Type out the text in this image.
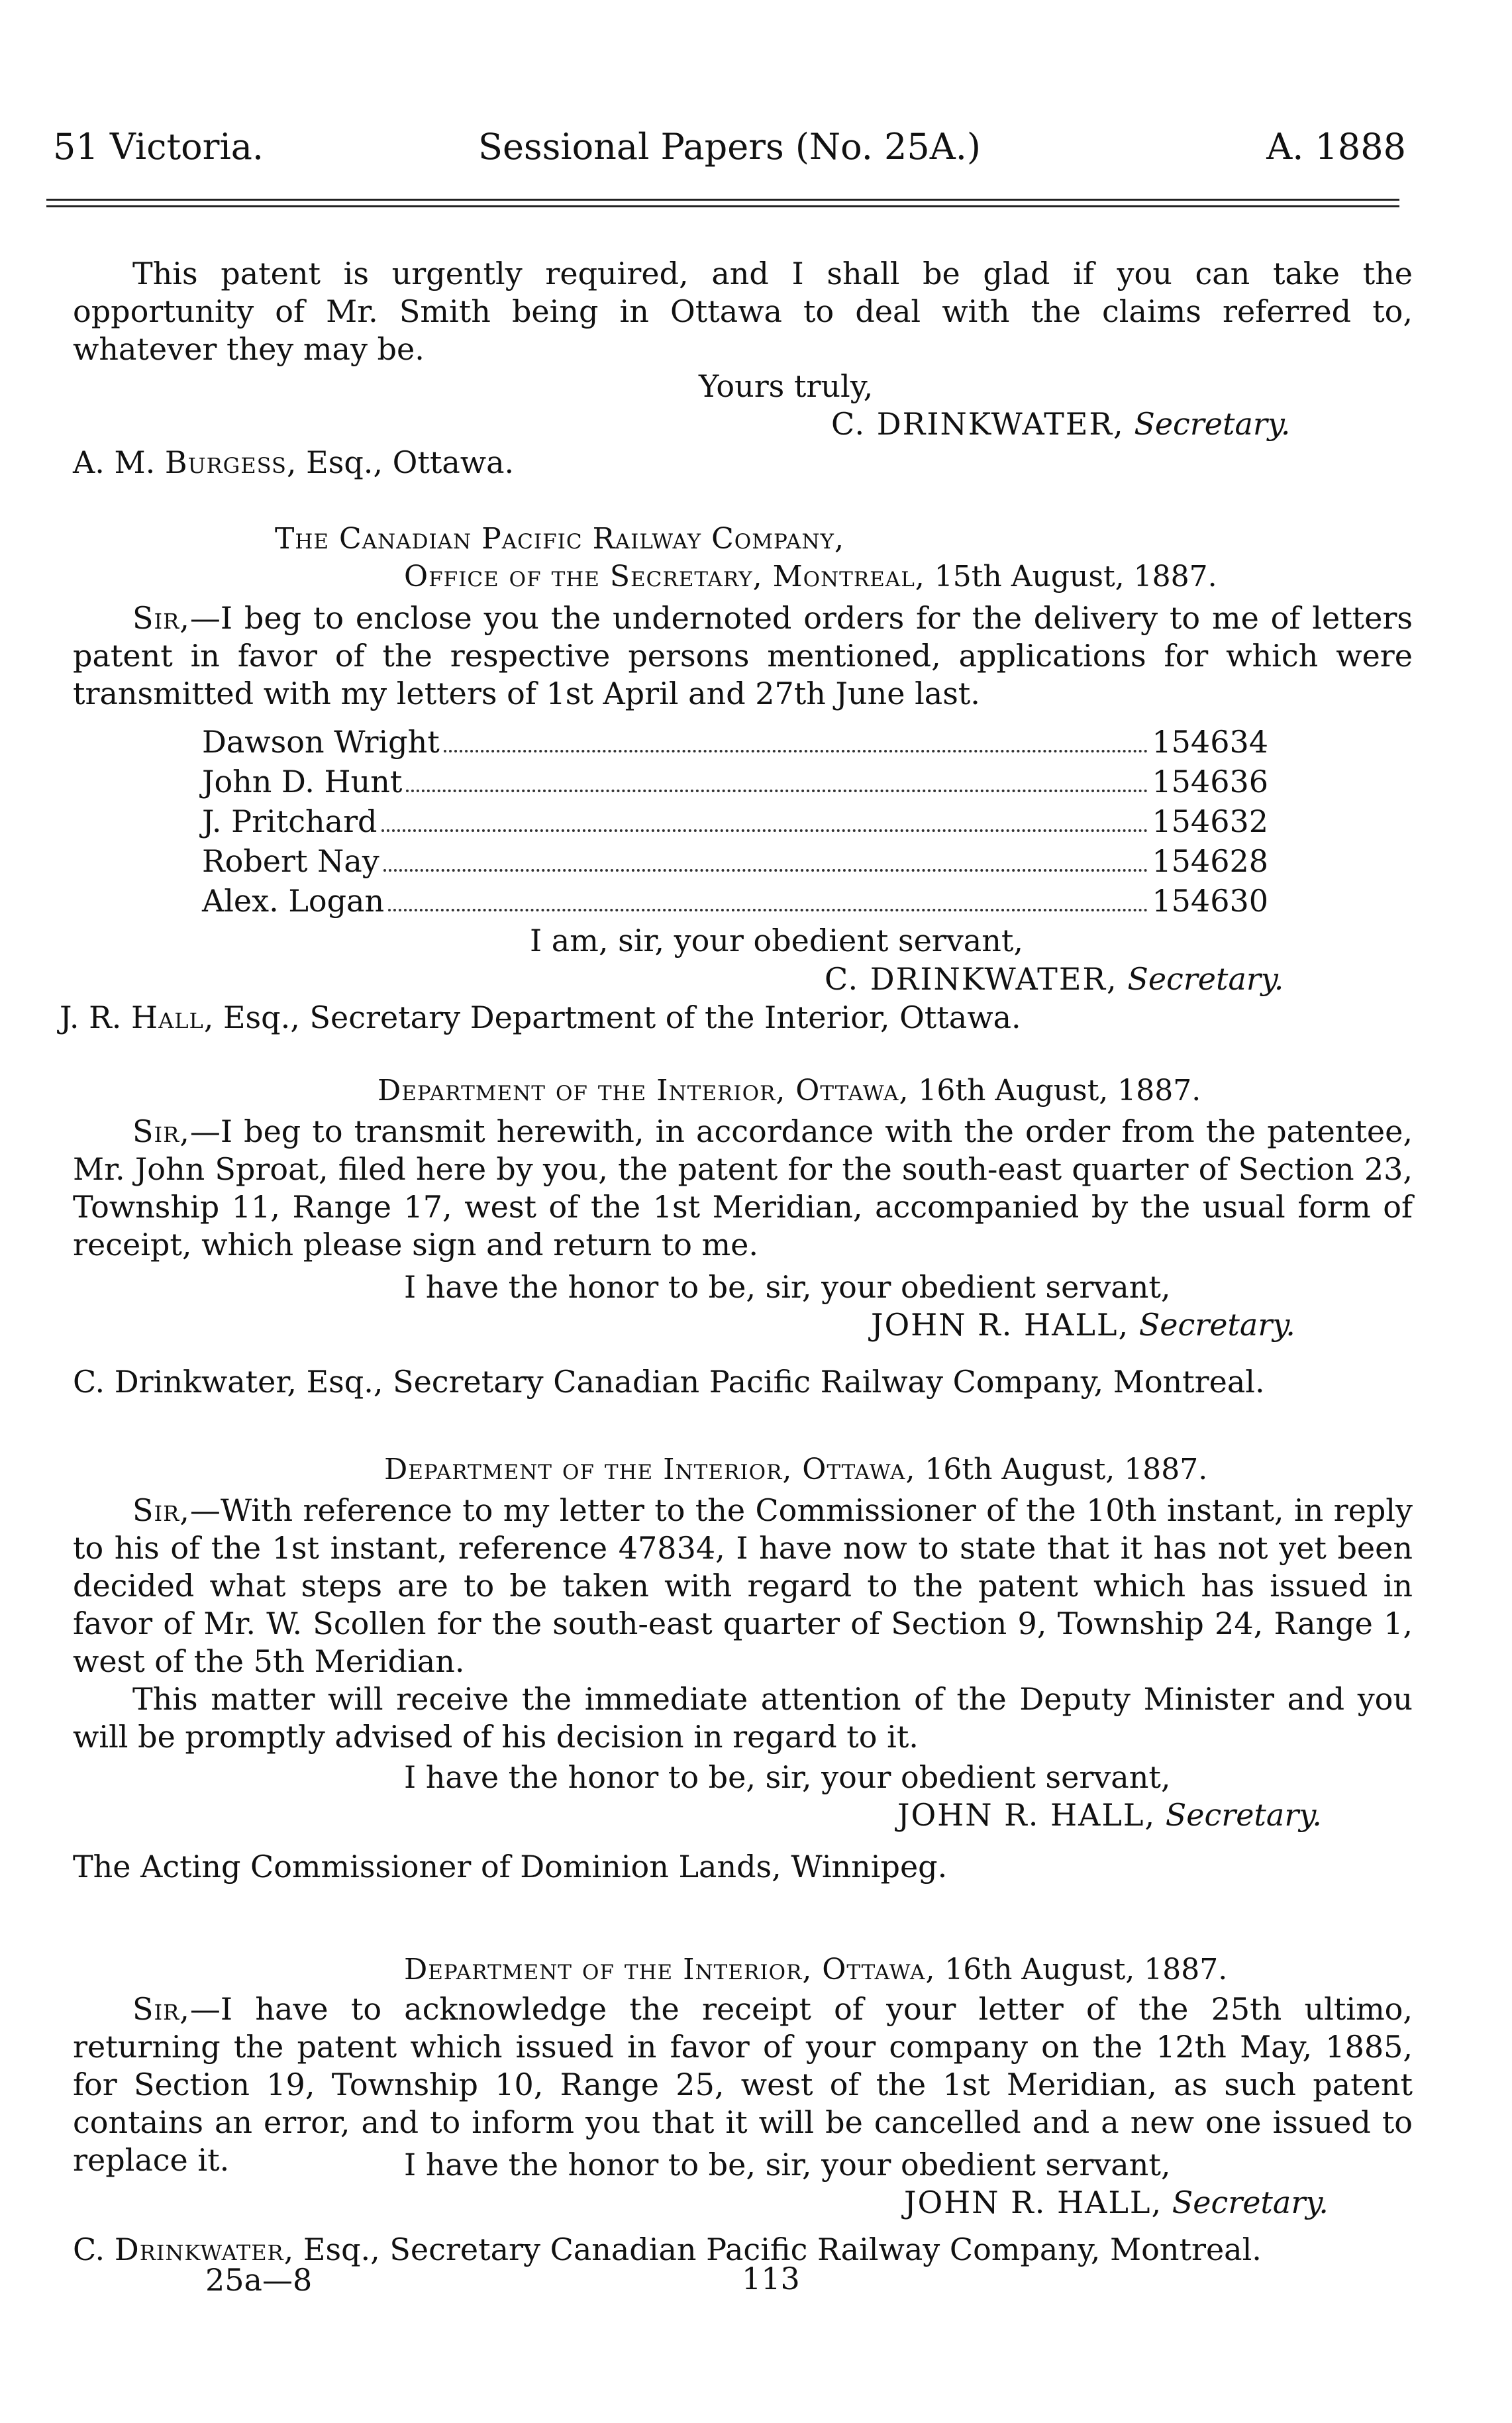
51 Victoria.	Sessional Papers (No. 25A.)	A. 1888

This patent is urgently required, and I shall be glad if you can take the opportunity of Mr. Smith being in Ottawa to deal with the claims referred to, whatever they may be.

Yours truly,
C. DRINKWATER, Secretary.
A. M. Burgess, Esq., Ottawa.
The Canadian Pacific Railway Company,
Office of the Secretary, Montreal, 15th August, 1887.

Sir,—I beg to enclose you the undernoted orders for the delivery to me of letters patent in favor of the respective persons mentioned, applications for which were transmitted with my letters of 1st April and 27th June last.

Dawson Wright	154634
John D. Hunt	154636
J. Pritchard	154632
Robert Nay	154628
Alex. Logan	154630
I am, sir, your obedient servant,
C. DRINKWATER, Secretary.
J. R. Hall, Esq., Secretary Department of the Interior, Ottawa.
Department of the Interior, Ottawa, 16th August, 1887.

Sir,—I beg to transmit herewith, in accordance with the order from the patentee, Mr. John Sproat, filed here by you, the patent for the south-east quarter of Section 23, Township 11, Range 17, west of the 1st Meridian, accompanied by the usual form of receipt, which please sign and return to me.

I have the honor to be, sir, your obedient servant,
JOHN R. HALL, Secretary.
C. Drinkwater, Esq., Secretary Canadian Pacific Railway Company, Montreal.
Department of the Interior, Ottawa, 16th August, 1887.

Sir,—With reference to my letter to the Commissioner of the 10th instant, in reply to his of the 1st instant, reference 47834, I have now to state that it has not yet been decided what steps are to be taken with regard to the patent which has issued in favor of Mr. W. Scollen for the south-east quarter of Section 9, Township 24, Range 1, west of the 5th Meridian.

This matter will receive the immediate attention of the Deputy Minister and you will be promptly advised of his decision in regard to it.

I have the honor to be, sir, your obedient servant,
JOHN R. HALL, Secretary.
The Acting Commissioner of Dominion Lands, Winnipeg.
Department of the Interior, Ottawa, 16th August, 1887.

Sir,—I have to acknowledge the receipt of your letter of the 25th ultimo, returning the patent which issued in favor of your company on the 12th May, 1885, for Section 19, Township 10, Range 25, west of the 1st Meridian, as such patent contains an error, and to inform you that it will be cancelled and a new one issued to replace it.	I have the honor to be, sir, your obedient servant,
JOHN R. HALL, Secretary.
C. Drinkwater, Esq., Secretary Canadian Pacific Railway Company, Montreal.
25a—8	113
